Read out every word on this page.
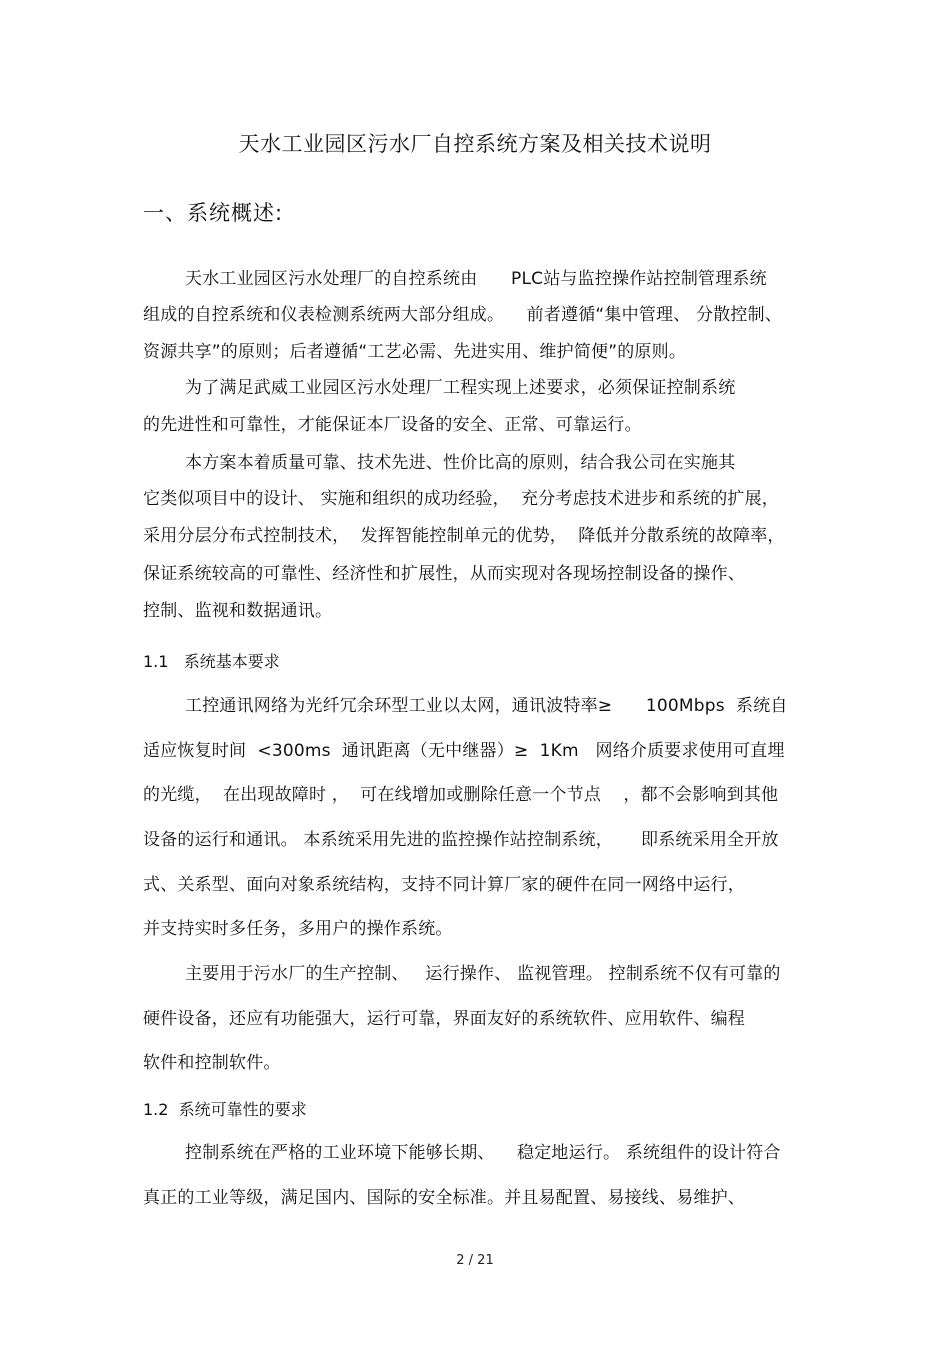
天水工业园区污水厂自控系统方案及相关技术说明
一、系统概述:
天水工业园区污水处理厂的自控系统由      PLC站与监控操作站控制管理系统
组成的自控系统和仪表检测系统两大部分组成。    前者遵循“集中管理、 分散控制、
资源共享”的原则；后者遵循“工艺必需、先进实用、维护简便”的原则。
为了满足武威工业园区污水处理厂工程实现上述要求，必须保证控制系统
的先进性和可靠性，才能保证本厂设备的安全、正常、可靠运行。
本方案本着质量可靠、技术先进、性价比高的原则，结合我公司在实施其
它类似项目中的设计、 实施和组织的成功经验，  充分考虑技术进步和系统的扩展，
采用分层分布式控制技术，  发挥智能控制单元的优势，  降低并分散系统的故障率，
保证系统较高的可靠性、经济性和扩展性，从而实现对各现场控制设备的操作、
控制、监视和数据通讯。
1.1   系统基本要求
工控通讯网络为光纤冗余环型工业以太网，通讯波特率≥      100Mbps  系统自
适应恢复时间  <300ms  通讯距离（无中继器）≥  1Km   网络介质要求使用可直埋
的光缆，  在出现故障时 ，  可在线增加或删除任意一个节点    ，都不会影响到其他
设备的运行和通讯。 本系统采用先进的监控操作站控制系统，     即系统采用全开放
式、关系型、面向对象系统结构，支持不同计算厂家的硬件在同一网络中运行，
并支持实时多任务，多用户的操作系统。
主要用于污水厂的生产控制、   运行操作、 监视管理。 控制系统不仅有可靠的
硬件设备，还应有功能强大，运行可靠，界面友好的系统软件、应用软件、编程
软件和控制软件。
1.2  系统可靠性的要求
控制系统在严格的工业环境下能够长期、    稳定地运行。 系统组件的设计符合
真正的工业等级，满足国内、国际的安全标准。并且易配置、易接线、易维护、
2 / 21
